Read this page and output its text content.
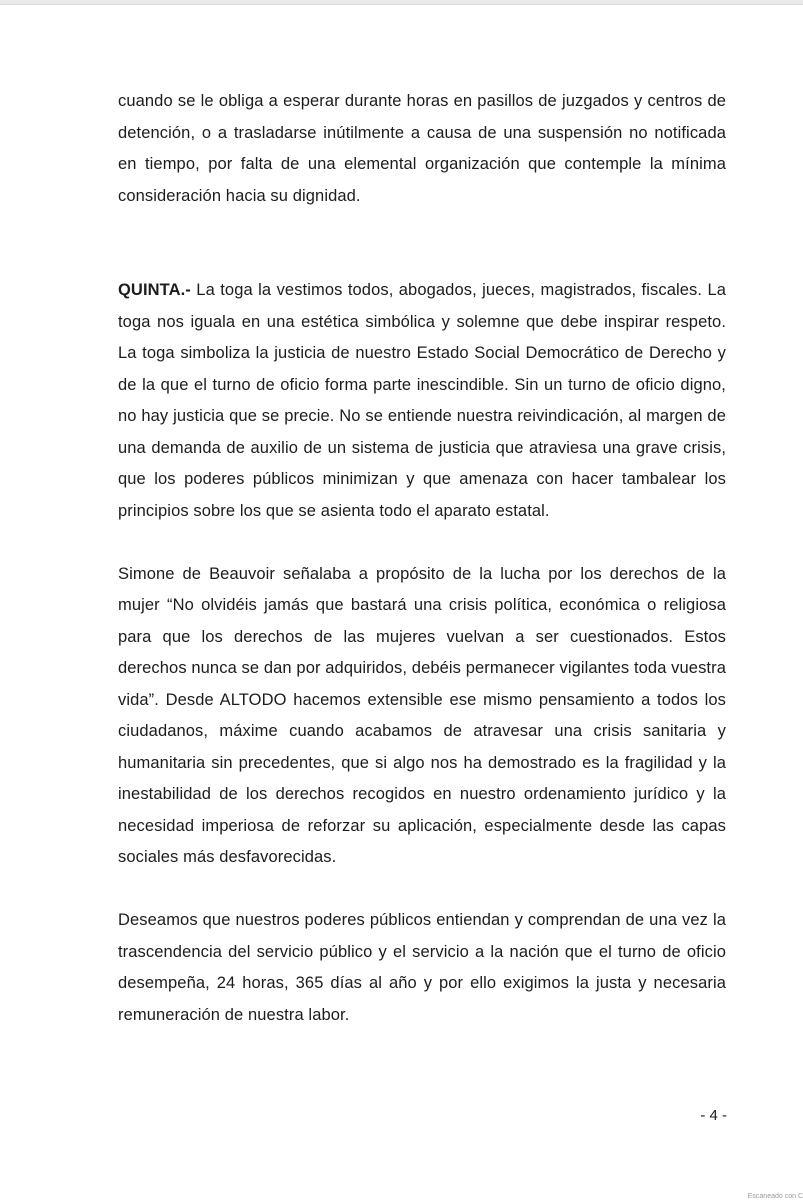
cuando se le obliga a esperar durante horas en pasillos de juzgados y centros de detención, o a trasladarse inútilmente a causa de una suspensión no notificada en tiempo, por falta de una elemental organización que contemple la mínima consideración hacia su dignidad.

QUINTA.- La toga la vestimos todos, abogados, jueces, magistrados, fiscales. La toga nos iguala en una estética simbólica y solemne que debe inspirar respeto. La toga simboliza la justicia de nuestro Estado Social Democrático de Derecho y de la que el turno de oficio forma parte inescindible. Sin un turno de oficio digno, no hay justicia que se precie. No se entiende nuestra reivindicación, al margen de una demanda de auxilio de un sistema de justicia que atraviesa una grave crisis, que los poderes públicos minimizan y que amenaza con hacer tambalear los principios sobre los que se asienta todo el aparato estatal.

Simone de Beauvoir señalaba a propósito de la lucha por los derechos de la mujer “No olvidéis jamás que bastará una crisis política, económica o religiosa para que los derechos de las mujeres vuelvan a ser cuestionados. Estos derechos nunca se dan por adquiridos, debéis permanecer vigilantes toda vuestra vida”. Desde ALTODO hacemos extensible ese mismo pensamiento a todos los ciudadanos, máxime cuando acabamos de atravesar una crisis sanitaria y humanitaria sin precedentes, que si algo nos ha demostrado es la fragilidad y la inestabilidad de los derechos recogidos en nuestro ordenamiento jurídico y la necesidad imperiosa de reforzar su aplicación, especialmente desde las capas sociales más desfavorecidas.

Deseamos que nuestros poderes públicos entiendan y comprendan de una vez la trascendencia del servicio público y el servicio a la nación que el turno de oficio desempeña, 24 horas, 365 días al año y por ello exigimos la justa y necesaria remuneración de nuestra labor.

- 4 -
Escaneado con C
